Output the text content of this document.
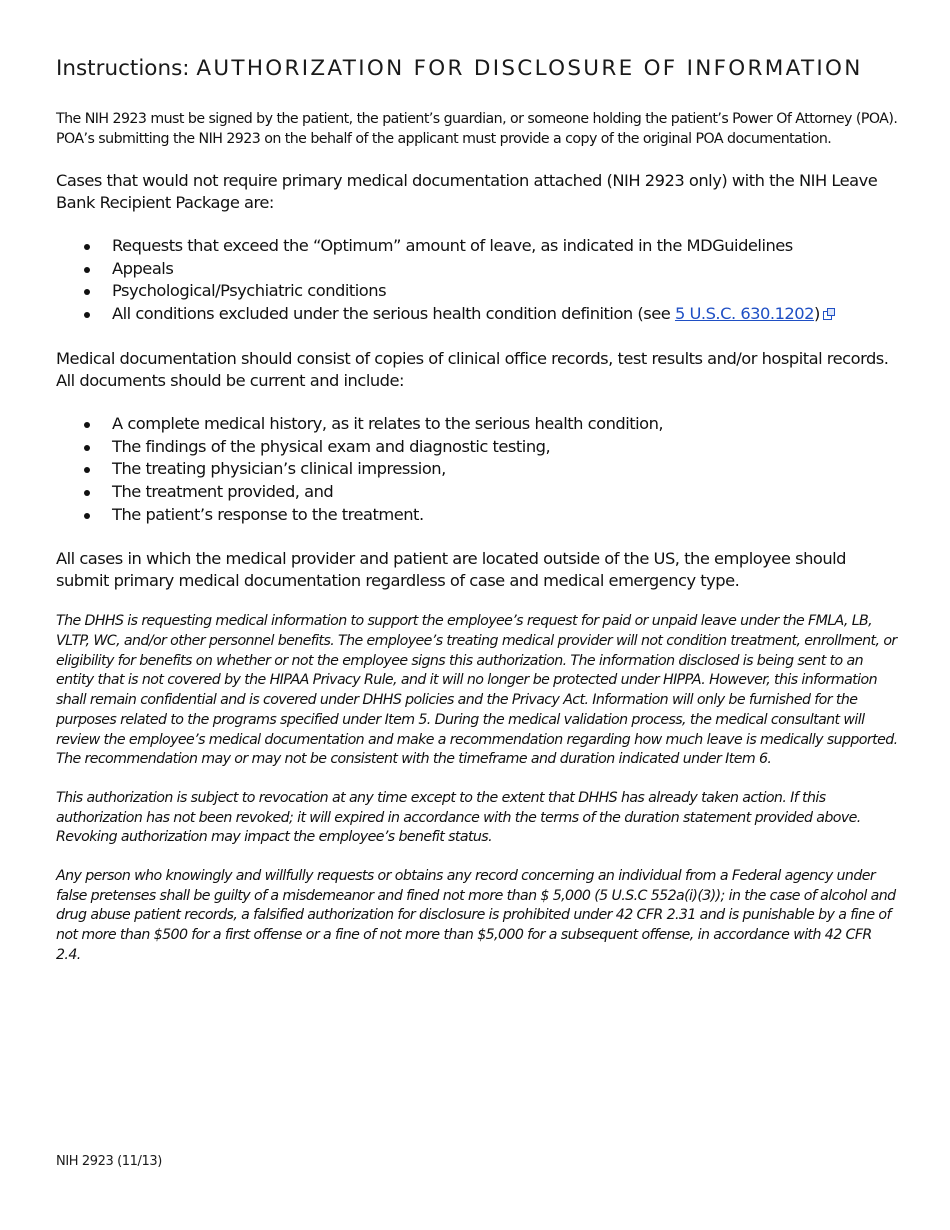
Instructions: AUTHORIZATION FOR DISCLOSURE OF INFORMATION

The NIH 2923 must be signed by the patient, the patient’s guardian, or someone holding the patient’s Power Of Attorney (POA). POA’s submitting the NIH 2923 on the behalf of the applicant must provide a copy of the original POA documentation.

Cases that would not require primary medical documentation attached (NIH 2923 only) with the NIH Leave Bank Recipient Package are:

Requests that exceed the “Optimum” amount of leave, as indicated in the MDGuidelines
Appeals
Psychological/Psychiatric conditions
All conditions excluded under the serious health condition definition (see 5 U.S.C. 630.1202)

Medical documentation should consist of copies of clinical office records, test results and/or hospital records. All documents should be current and include:

A complete medical history, as it relates to the serious health condition,
The findings of the physical exam and diagnostic testing,
The treating physician’s clinical impression,
The treatment provided, and
The patient’s response to the treatment.

All cases in which the medical provider and patient are located outside of the US, the employee should submit primary medical documentation regardless of case and medical emergency type.

The DHHS is requesting medical information to support the employee’s request for paid or unpaid leave under the FMLA, LB, VLTP, WC, and/or other personnel benefits. The employee’s treating medical provider will not condition treatment, enrollment, or eligibility for benefits on whether or not the employee signs this authorization. The information disclosed is being sent to an entity that is not covered by the HIPAA Privacy Rule, and it will no longer be protected under HIPPA. However, this information shall remain confidential and is covered under DHHS policies and the Privacy Act. Information will only be furnished for the purposes related to the programs specified under Item 5. During the medical validation process, the medical consultant will review the employee’s medical documentation and make a recommendation regarding how much leave is medically supported. The recommendation may or may not be consistent with the timeframe and duration indicated under Item 6.

This authorization is subject to revocation at any time except to the extent that DHHS has already taken action. If this authorization has not been revoked; it will expired in accordance with the terms of the duration statement provided above. Revoking authorization may impact the employee’s benefit status.

Any person who knowingly and willfully requests or obtains any record concerning an individual from a Federal agency under false pretenses shall be guilty of a misdemeanor and fined not more than $ 5,000 (5 U.S.C 552a(i)(3)); in the case of alcohol and drug abuse patient records, a falsified authorization for disclosure is prohibited under 42 CFR 2.31 and is punishable by a fine of not more than $500 for a first offense or a fine of not more than $5,000 for a subsequent offense, in accordance with 42 CFR 2.4.

NIH 2923 (11/13)
